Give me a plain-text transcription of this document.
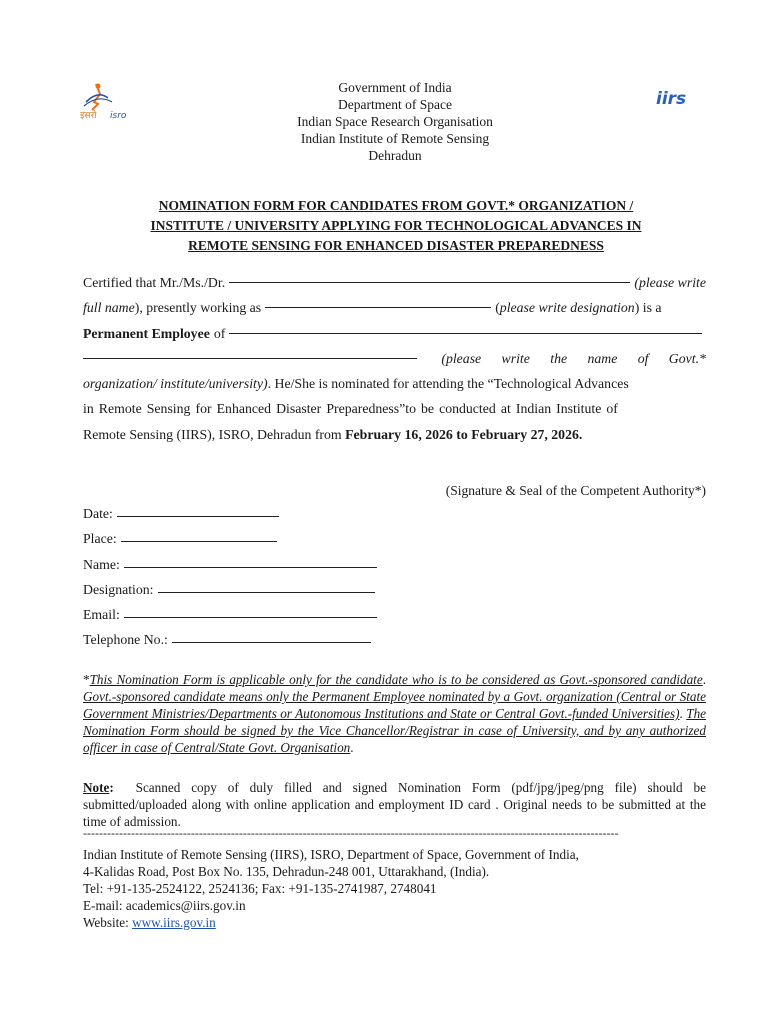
इसरो isro
iirs
Government of India
Department of Space
Indian Space Research Organisation
Indian Institute of Remote Sensing
Dehradun
NOMINATION FORM FOR CANDIDATES FROM GOVT.* ORGANIZATION /
INSTITUTE / UNIVERSITY APPLYING FOR TECHNOLOGICAL ADVANCES IN
REMOTE SENSING FOR ENHANCED DISASTER PREPAREDNESS
Certified that Mr./Ms./Dr.	(please write
full name ), presently working as	( please write designation ) is a
Permanent Employee of
(please write the name of Govt.*
organization/ institute/university) . He/She is nominated for attending the “Technological Advances
in Remote Sensing for Enhanced Disaster Preparedness”to be conducted at Indian Institute of
Remote Sensing (IIRS), ISRO, Dehradun from
February 16, 2026 to February 27, 2026.
(Signature & Seal of the Competent Authority*)
Date:
Place:
Name:
Designation:
Email:
Telephone No.:
*This Nomination Form is applicable only for the candidate who is to be considered as Govt.-sponsored candidate. Govt.-sponsored candidate means only the Permanent Employee nominated by a Govt. organization (Central or State Government Ministries/Departments or Autonomous Institutions and State or Central Govt.-funded Universities). The Nomination Form should be signed by the Vice Chancellor/Registrar in case of University, and by any authorized officer in case of Central/State Govt. Organisation.
Note: Scanned copy of duly filled and signed Nomination Form (pdf/jpg/jpeg/png file) should be submitted/uploaded along with online application and employment ID card . Original needs to be submitted at the time of admission.
--------------------------------------------------------------------------------------------------------------------------------------
Indian Institute of Remote Sensing (IIRS), ISRO, Department of Space, Government of India,
4-Kalidas Road, Post Box No. 135, Dehradun-248 001, Uttarakhand, (India).
Tel: +91-135-2524122, 2524136; Fax: +91-135-2741987, 2748041
E-mail: academics@iirs.gov.in
Website: www.iirs.gov.in
